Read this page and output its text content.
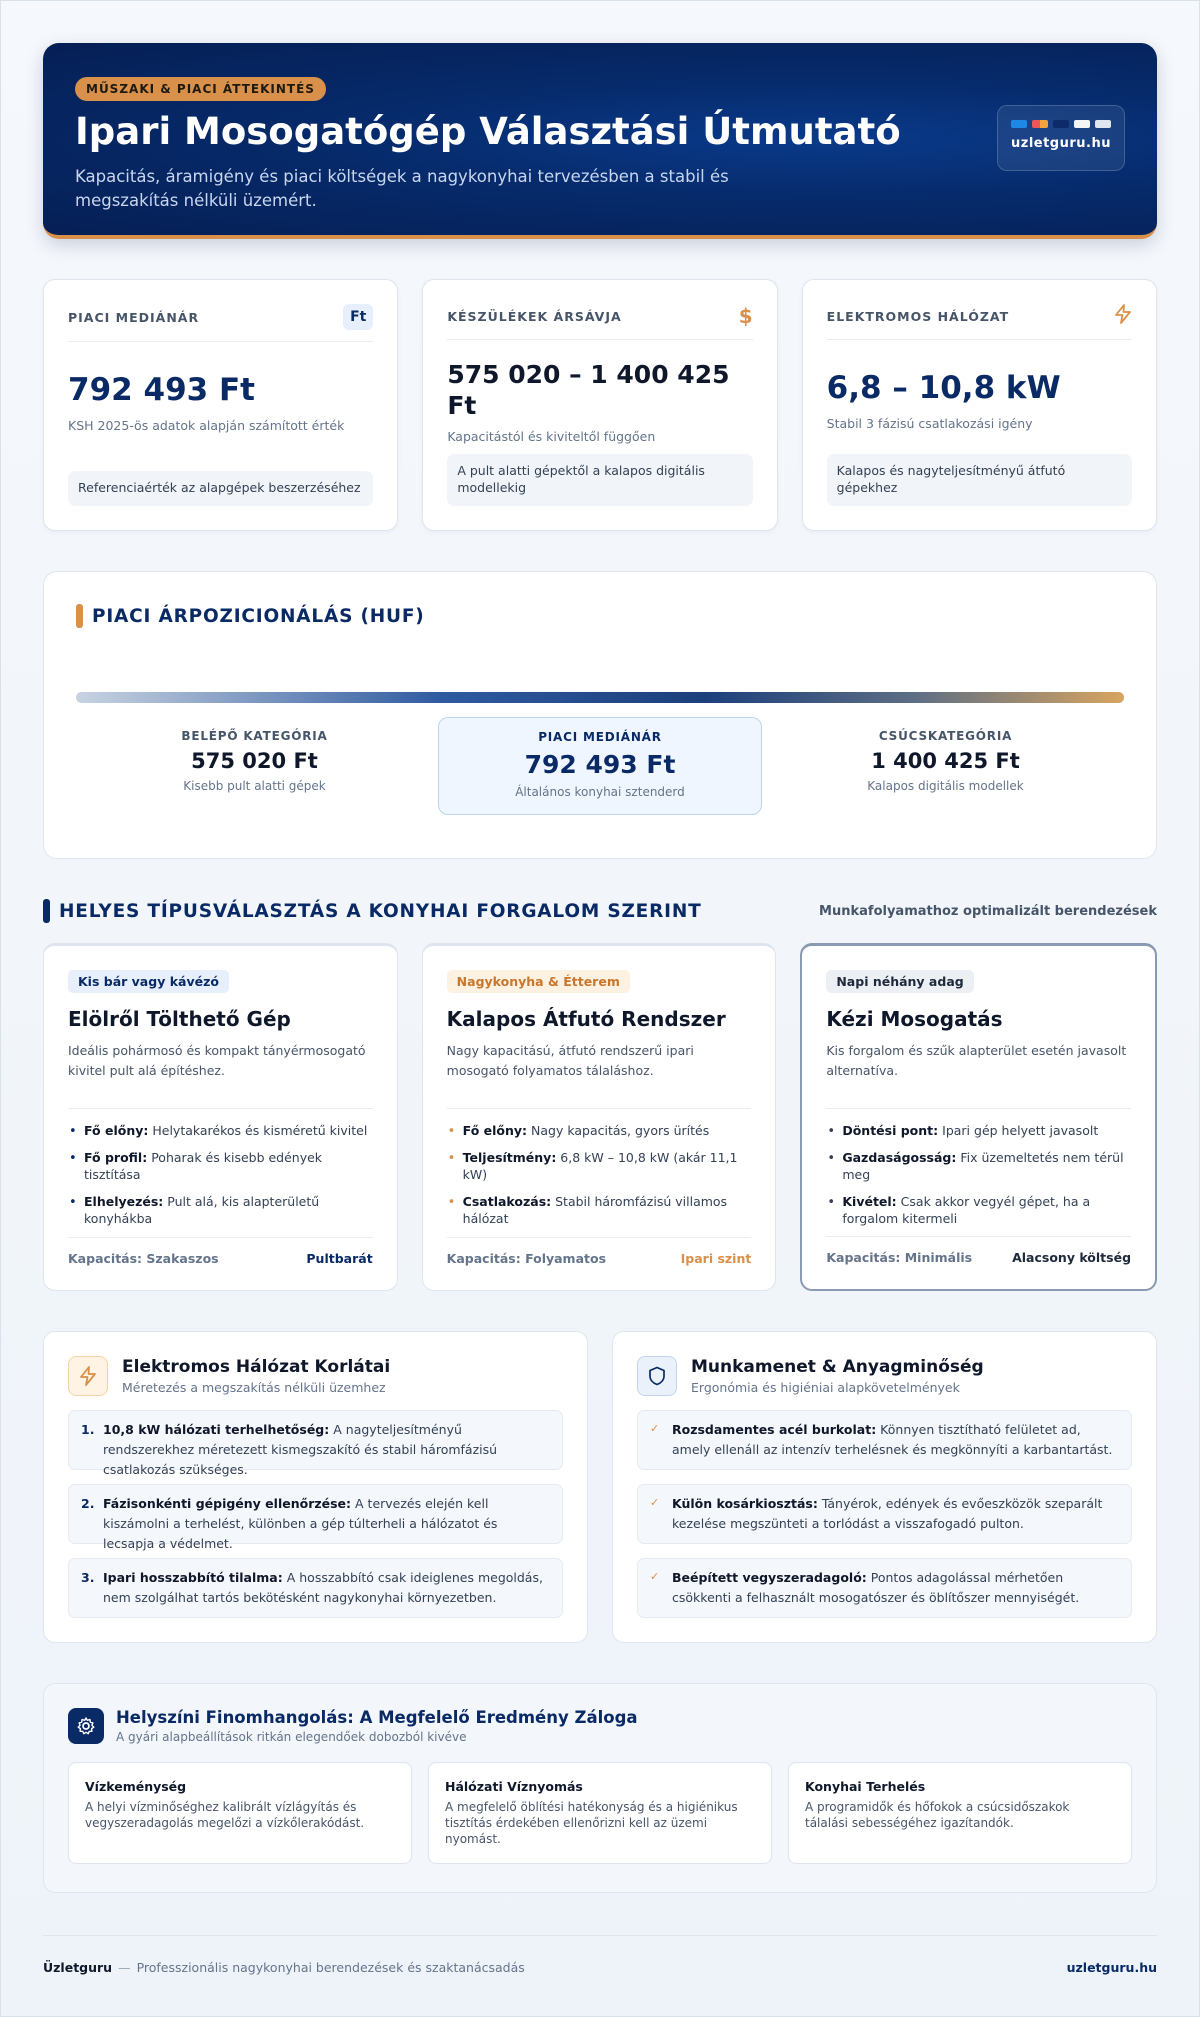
MŰSZAKI & PIACI ÁTTEKINTÉS
Ipari Mosogatógép Választási Útmutató

Kapacitás, áramigény és piaci költségek a nagykonyhai tervezésben a stabil és megszakítás nélküli üzemért.

uzletguru.hu
PIACI MEDIÁNÁR	Ft
792 493 Ft
KSH 2025-ös adatok alapján számított érték
Referenciaérték az alapgépek beszerzéséhez
KÉSZÜLÉKEK ÁRSÁVJA	$
575 020 – 1 400 425 Ft
Kapacitástól és kiviteltől függően
A pult alatti gépektől a kalapos digitális modellekig
ELEKTROMOS HÁLÓZAT
6,8 – 10,8 kW
Stabil 3 fázisú csatlakozási igény
Kalapos és nagyteljesítményű átfutó gépekhez
PIACI ÁRPOZICIONÁLÁS (HUF)
BELÉPŐ KATEGÓRIA
575 020 Ft
Kisebb pult alatti gépek
PIACI MEDIÁNÁR
792 493 Ft
Általános konyhai sztenderd
CSÚCSKATEGÓRIA
1 400 425 Ft
Kalapos digitális modellek
HELYES TÍPUSVÁLASZTÁS A KONYHAI FORGALOM SZERINT	Munkafolyamathoz optimalizált berendezések
Kis bár vagy kávézó
Elölről Tölthető Gép
Ideális pohármosó és kompakt tányérmosogató kivitel pult alá építéshez.
• Fő előny: Helytakarékos és kisméretű kivitel
• Fő profil: Poharak és kisebb edények tisztítása
• Elhelyezés: Pult alá, kis alapterületű konyhákba
Kapacitás: Szakaszos	Pultbarát
Nagykonyha & Étterem
Kalapos Átfutó Rendszer
Nagy kapacitású, átfutó rendszerű ipari mosogató folyamatos tálaláshoz.
• Fő előny: Nagy kapacitás, gyors ürítés
• Teljesítmény: 6,8 kW – 10,8 kW (akár 11,1 kW)
• Csatlakozás: Stabil háromfázisú villamos hálózat
Kapacitás: Folyamatos	Ipari szint
Napi néhány adag
Kézi Mosogatás
Kis forgalom és szűk alapterület esetén javasolt alternatíva.
• Döntési pont: Ipari gép helyett javasolt
• Gazdaságosság: Fix üzemeltetés nem térül meg
• Kivétel: Csak akkor vegyél gépet, ha a forgalom kitermeli
Kapacitás: Minimális	Alacsony költség
Elektromos Hálózat Korlátai
Méretezés a megszakítás nélküli üzemhez
1. 10,8 kW hálózati terhelhetőség: A nagyteljesítményű rendszerekhez méretezett kismegszakító és stabil háromfázisú csatlakozás szükséges.
2. Fázisonkénti gépigény ellenőrzése: A tervezés elején kell kiszámolni a terhelést, különben a gép túlterheli a hálózatot és lecsapja a védelmet.
3. Ipari hosszabbító tilalma: A hosszabbító csak ideiglenes megoldás, nem szolgálhat tartós bekötésként nagykonyhai környezetben.
Munkamenet & Anyagminőség
Ergonómia és higiéniai alapkövetelmények
✓ Rozsdamentes acél burkolat: Könnyen tisztítható felületet ad, amely ellenáll az intenzív terhelésnek és megkönnyíti a karbantartást.
✓ Külön kosárkiosztás: Tányérok, edények és evőeszközök szeparált kezelése megszünteti a torlódást a visszafogadó pulton.
✓ Beépített vegyszeradagoló: Pontos adagolással mérhetően csökkenti a felhasznált mosogatószer és öblítőszer mennyiségét.
Helyszíni Finomhangolás: A Megfelelő Eredmény Záloga
A gyári alapbeállítások ritkán elegendőek dobozból kivéve
Vízkeménység
A helyi vízminőséghez kalibrált vízlágyítás és vegyszeradagolás megelőzi a vízkőlerakódást.
Hálózati Víznyomás
A megfelelő öblítési hatékonyság és a higiénikus tisztítás érdekében ellenőrizni kell az üzemi nyomást.
Konyhai Terhelés
A programidők és hőfokok a csúcsidőszakok tálalási sebességéhez igazítandók.
Üzletguru — Professzionális nagykonyhai berendezések és szaktanácsadás	uzletguru.hu
